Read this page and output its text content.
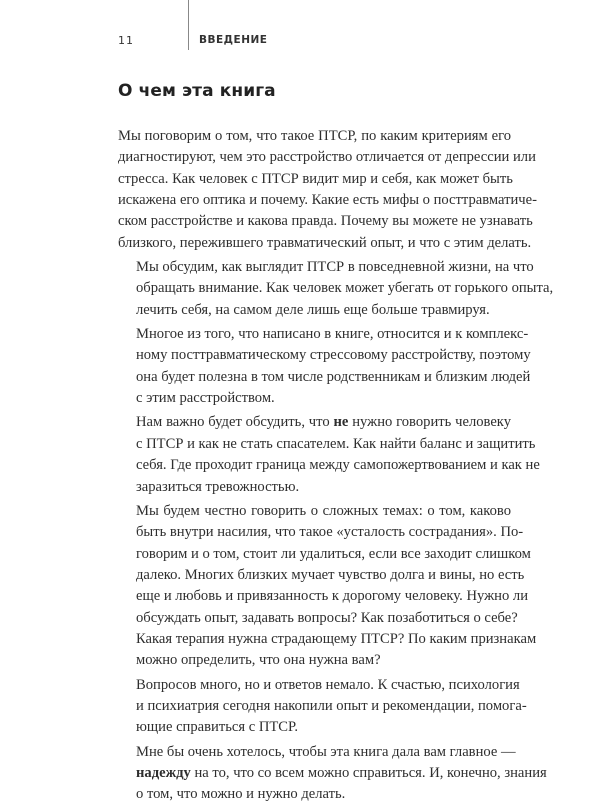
11	ВВЕДЕНИЕ
О чем эта книга

Мы поговорим о том, что такое ПТСР, по каким критериям его
диагностируют, чем это расстройство отличается от депрессии или
стресса. Как человек с ПТСР видит мир и себя, как может быть
искажена его оптика и почему. Какие есть мифы о посттравматиче-
ском расстройстве и какова правда. Почему вы можете не узнавать
близкого, пережившего травматический опыт, и что с этим делать.

Мы обсудим, как выглядит ПТСР в повседневной жизни, на что
обращать внимание. Как человек может убегать от горького опыта,
лечить себя, на самом деле лишь еще больше травмируя.

Многое из того, что написано в книге, относится и к комплекс-
ному посттравматическому стрессовому расстройству, поэтому
она будет полезна в том числе родственникам и близким людей
с этим расстройством.

Нам важно будет обсудить, что не нужно говорить человеку
с ПТСР и как не стать спасателем. Как найти баланс и защитить
себя. Где проходит граница между самопожертвованием и как не
заразиться тревожностью.

Мы будем честно говорить о сложных темах: о том, каково
быть внутри насилия, что такое «усталость сострадания». По-
говорим и о том, стоит ли удалиться, если все заходит слишком
далеко. Многих близких мучает чувство долга и вины, но есть
еще и любовь и привязанность к дорогому человеку. Нужно ли
обсуждать опыт, задавать вопросы? Как позаботиться о себе?
Какая терапия нужна страдающему ПТСР? По каким признакам
можно определить, что она нужна вам?

Вопросов много, но и ответов немало. К счастью, психология
и психиатрия сегодня накопили опыт и рекомендации, помога-
ющие справиться с ПТСР.

Мне бы очень хотелось, чтобы эта книга дала вам главное —
надежду на то, что со всем можно справиться. И, конечно, знания
о том, что можно и нужно делать.
